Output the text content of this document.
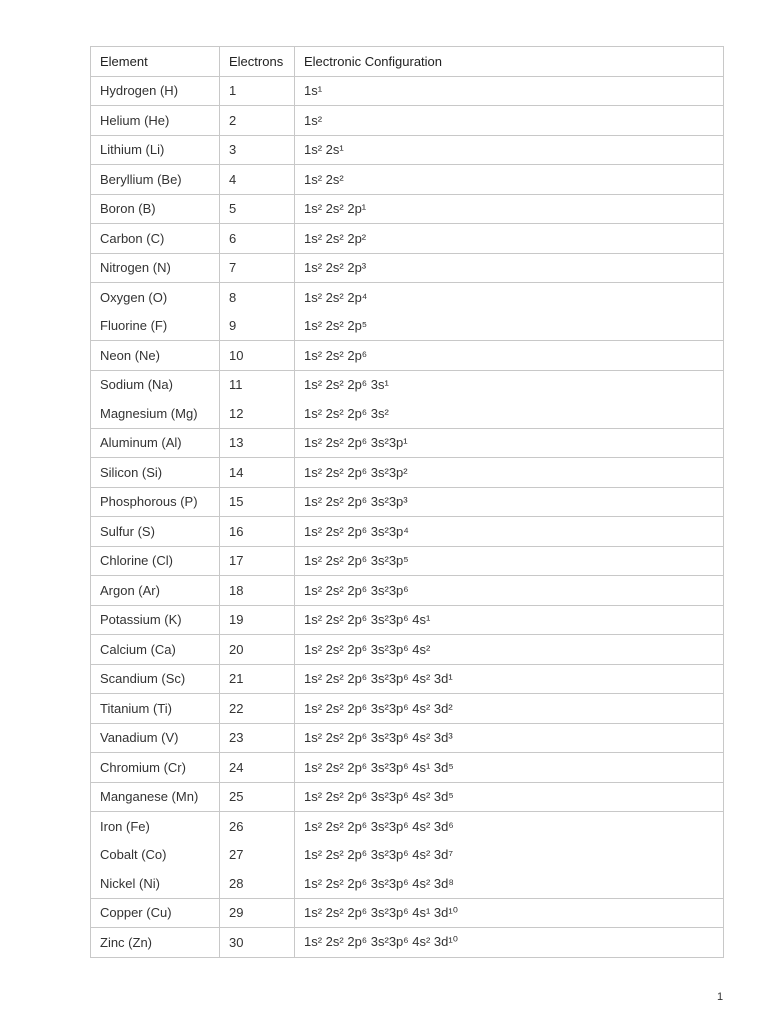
Element	Electrons	Electronic Configuration
Hydrogen (H)	1	1s¹
Helium (He)	2	1s²
Lithium (Li)	3	1s² 2s¹
Beryllium (Be)	4	1s² 2s²
Boron (B)	5	1s² 2s² 2p¹
Carbon (C)	6	1s² 2s² 2p²
Nitrogen (N)	7	1s² 2s² 2p³
Oxygen (O)	8	1s² 2s² 2p⁴
Fluorine (F)	9	1s² 2s² 2p⁵
Neon (Ne)	10	1s² 2s² 2p⁶
Sodium (Na)	11	1s² 2s² 2p⁶ 3s¹
Magnesium (Mg)	12	1s² 2s² 2p⁶ 3s²
Aluminum (Al)	13	1s² 2s² 2p⁶ 3s²3p¹
Silicon (Si)	14	1s² 2s² 2p⁶ 3s²3p²
Phosphorous (P)	15	1s² 2s² 2p⁶ 3s²3p³
Sulfur (S)	16	1s² 2s² 2p⁶ 3s²3p⁴
Chlorine (Cl)	17	1s² 2s² 2p⁶ 3s²3p⁵
Argon (Ar)	18	1s² 2s² 2p⁶ 3s²3p⁶
Potassium (K)	19	1s² 2s² 2p⁶ 3s²3p⁶ 4s¹
Calcium (Ca)	20	1s² 2s² 2p⁶ 3s²3p⁶ 4s²
Scandium (Sc)	21	1s² 2s² 2p⁶ 3s²3p⁶ 4s² 3d¹
Titanium (Ti)	22	1s² 2s² 2p⁶ 3s²3p⁶ 4s² 3d²
Vanadium (V)	23	1s² 2s² 2p⁶ 3s²3p⁶ 4s² 3d³
Chromium (Cr)	24	1s² 2s² 2p⁶ 3s²3p⁶ 4s¹ 3d⁵
Manganese (Mn)	25	1s² 2s² 2p⁶ 3s²3p⁶ 4s² 3d⁵
Iron (Fe)	26	1s² 2s² 2p⁶ 3s²3p⁶ 4s² 3d⁶
Cobalt (Co)	27	1s² 2s² 2p⁶ 3s²3p⁶ 4s² 3d⁷
Nickel (Ni)	28	1s² 2s² 2p⁶ 3s²3p⁶ 4s² 3d⁸
Copper (Cu)	29	1s² 2s² 2p⁶ 3s²3p⁶ 4s¹ 3d¹⁰
Zinc (Zn)	30	1s² 2s² 2p⁶ 3s²3p⁶ 4s² 3d¹⁰
1
